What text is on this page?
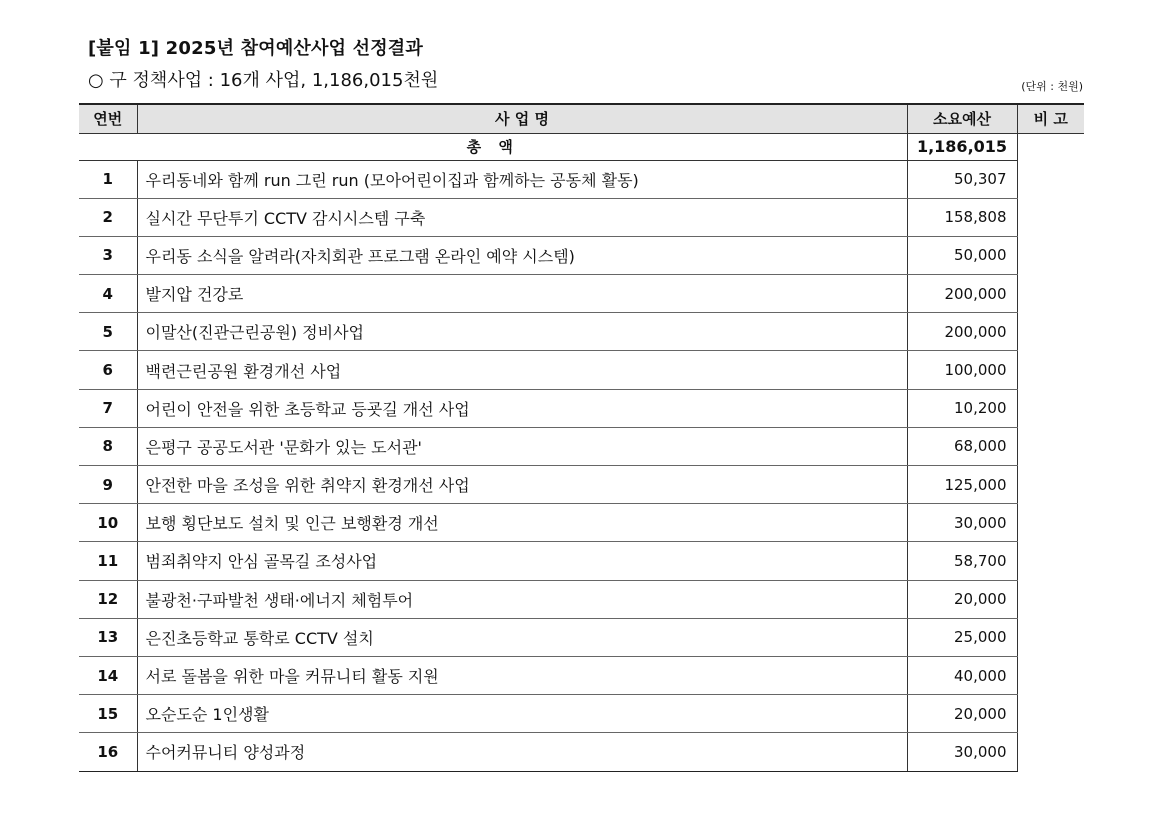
[붙임 1] 2025년 참여예산사업 선정결과
○ 구 정책사업 : 16개 사업, 1,186,015천원	(단위 : 천원)
연번	사 업 명	소요예산	비 고
총 액		1,186,015	
1	우리동네와 함께 run 그린 run (모아어린이집과 함께하는 공동체 활동)	50,307	
2	실시간 무단투기 CCTV 감시시스템 구축	158,808	
3	우리동 소식을 알려라(자치회관 프로그램 온라인 예약 시스템)	50,000	
4	발지압 건강로	200,000	
5	이말산(진관근린공원) 정비사업	200,000	
6	백련근린공원 환경개선 사업	100,000	
7	어린이 안전을 위한 초등학교 등굣길 개선 사업	10,200	
8	은평구 공공도서관 '문화가 있는 도서관'	68,000	
9	안전한 마을 조성을 위한 취약지 환경개선 사업	125,000	
10	보행 횡단보도 설치 및 인근 보행환경 개선	30,000	
11	범죄취약지 안심 골목길 조성사업	58,700	
12	불광천·구파발천 생태·에너지 체험투어	20,000	
13	은진초등학교 통학로 CCTV 설치	25,000	
14	서로 돌봄을 위한 마을 커뮤니티 활동 지원	40,000	
15	오순도순 1인생활	20,000	
16	수어커뮤니티 양성과정	30,000	
